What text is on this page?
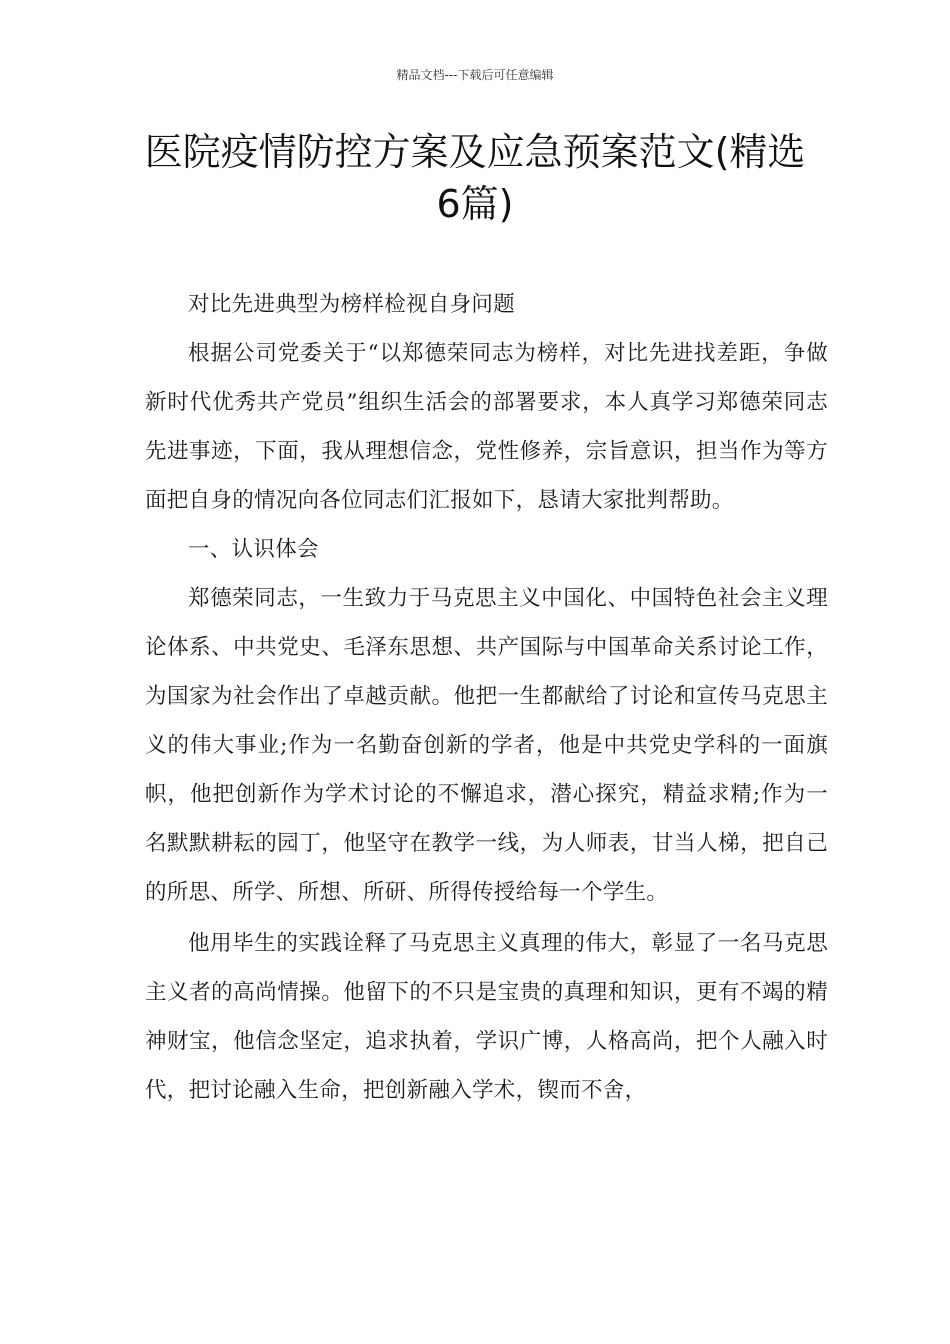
精品文档---下载后可任意编辑
医院疫情防控方案及应急预案范文(精选6篇)

对比先进典型为榜样检视自身问题

根据公司党委关于“以郑德荣同志为榜样，对比先进找差距，争做新时代优秀共产党员”组织生活会的部署要求，本人真学习郑德荣同志先进事迹，下面，我从理想信念，党性修养，宗旨意识，担当作为等方面把自身的情况向各位同志们汇报如下，恳请大家批判帮助。

一、认识体会

郑德荣同志，一生致力于马克思主义中国化、中国特色社会主义理论体系、中共党史、毛泽东思想、共产国际与中国革命关系讨论工作，为国家为社会作出了卓越贡献。他把一生都献给了讨论和宣传马克思主义的伟大事业;作为一名勤奋创新的学者，他是中共党史学科的一面旗帜，他把创新作为学术讨论的不懈追求，潜心探究，精益求精;作为一名默默耕耘的园丁，他坚守在教学一线，为人师表，甘当人梯，把自己的所思、所学、所想、所研、所得传授给每一个学生。

他用毕生的实践诠释了马克思主义真理的伟大，彰显了一名马克思主义者的高尚情操。他留下的不只是宝贵的真理和知识，更有不竭的精神财宝，他信念坚定，追求执着，学识广博，人格高尚，把个人融入时代，把讨论融入生命，把创新融入学术，锲而不舍，
